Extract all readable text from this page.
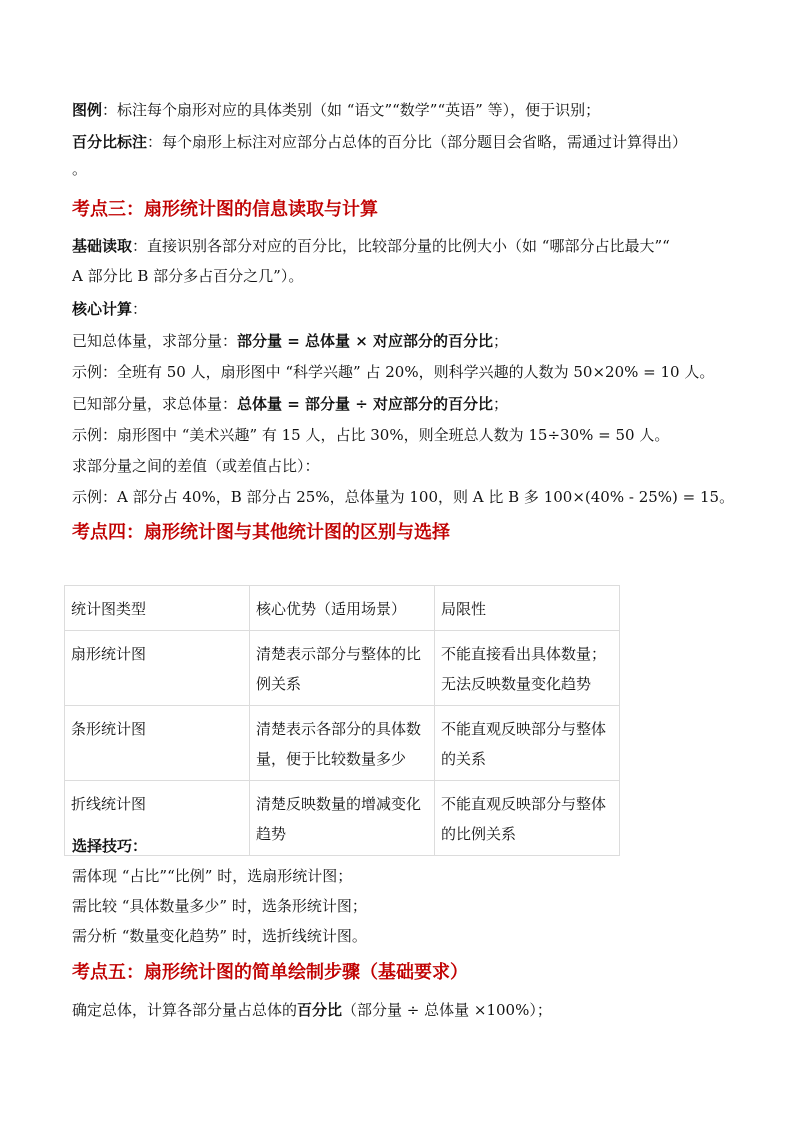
图例：标注每个扇形对应的具体类别（如 “语文”“数学”“英语” 等），便于识别；
百分比标注：每个扇形上标注对应部分占总体的百分比（部分题目会省略，需通过计算得出）
。
考点三：扇形统计图的信息读取与计算
基础读取：直接识别各部分对应的百分比，比较部分量的比例大小（如 “哪部分占比最大”“
A 部分比 B 部分多占百分之几”）。
核心计算：
已知总体量，求部分量：部分量 = 总体量 × 对应部分的百分比；
示例：全班有 50 人，扇形图中 “科学兴趣” 占 20%，则科学兴趣的人数为 50×20% = 10 人。
已知部分量，求总体量：总体量 = 部分量 ÷ 对应部分的百分比；
示例：扇形图中 “美术兴趣” 有 15 人，占比 30%，则全班总人数为 15÷30% = 50 人。
求部分量之间的差值（或差值占比）：
示例：A 部分占 40%，B 部分占 25%，总体量为 100，则 A 比 B 多 100×(40% - 25%) = 15。
考点四：扇形统计图与其他统计图的区别与选择
统计图类型	核心优势（适用场景）	局限性
扇形统计图	清楚表示部分与整体的比例关系	不能直接看出具体数量；无法反映数量变化趋势
条形统计图	清楚表示各部分的具体数量，便于比较数量多少	不能直观反映部分与整体的关系
折线统计图	清楚反映数量的增减变化趋势	不能直观反映部分与整体的比例关系
选择技巧：
需体现 “占比”“比例” 时，选扇形统计图；
需比较 “具体数量多少” 时，选条形统计图；
需分析 “数量变化趋势” 时，选折线统计图。
考点五：扇形统计图的简单绘制步骤（基础要求）
确定总体，计算各部分量占总体的百分比（部分量 ÷ 总体量 ×100%）；
